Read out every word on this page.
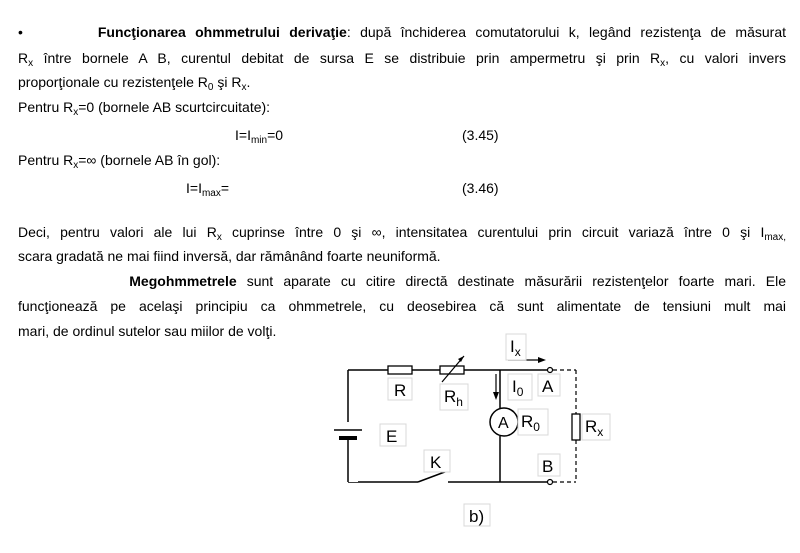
•	Funcţionarea ohmmetrului derivaţie: după închiderea comutatorului k, legând rezistenţa de măsurat
$R_x$ între bornele A B, curentul debitat de sursa E se distribuie prin ampermetru şi prin $R_x$, cu valori invers
proporţionale cu rezistenţele $R_0$ şi $R_x$.
Pentru $R_x=0$ (bornele AB scurtcircuitate):
$I=I_{min}=0$	(3.45)
Pentru $R_x=\infty$ (bornele AB în gol):
$I=I_{max}=$	(3.46)
Deci, pentru valori ale lui $R_x$ cuprinse între 0 şi ∞, intensitatea curentului prin circuit variază între 0 şi $I_{max,}$
scara gradată ne mai fiind inversă, dar rămânând foarte neuniformă.
Megohmmetrele sunt aparate cu citire directă destinate măsurării rezistenţelor foarte mari. Ele
funcţionează pe acelaşi principiu ca ohmmetrele, cu deosebirea că sunt alimentate de tensiuni mult mai
mari, de ordinul sutelor sau miilor de volţi.
R $R_h$
$I_x$
$I_0$
A $R_0$
A
$R_x$
E
K	B
b)
